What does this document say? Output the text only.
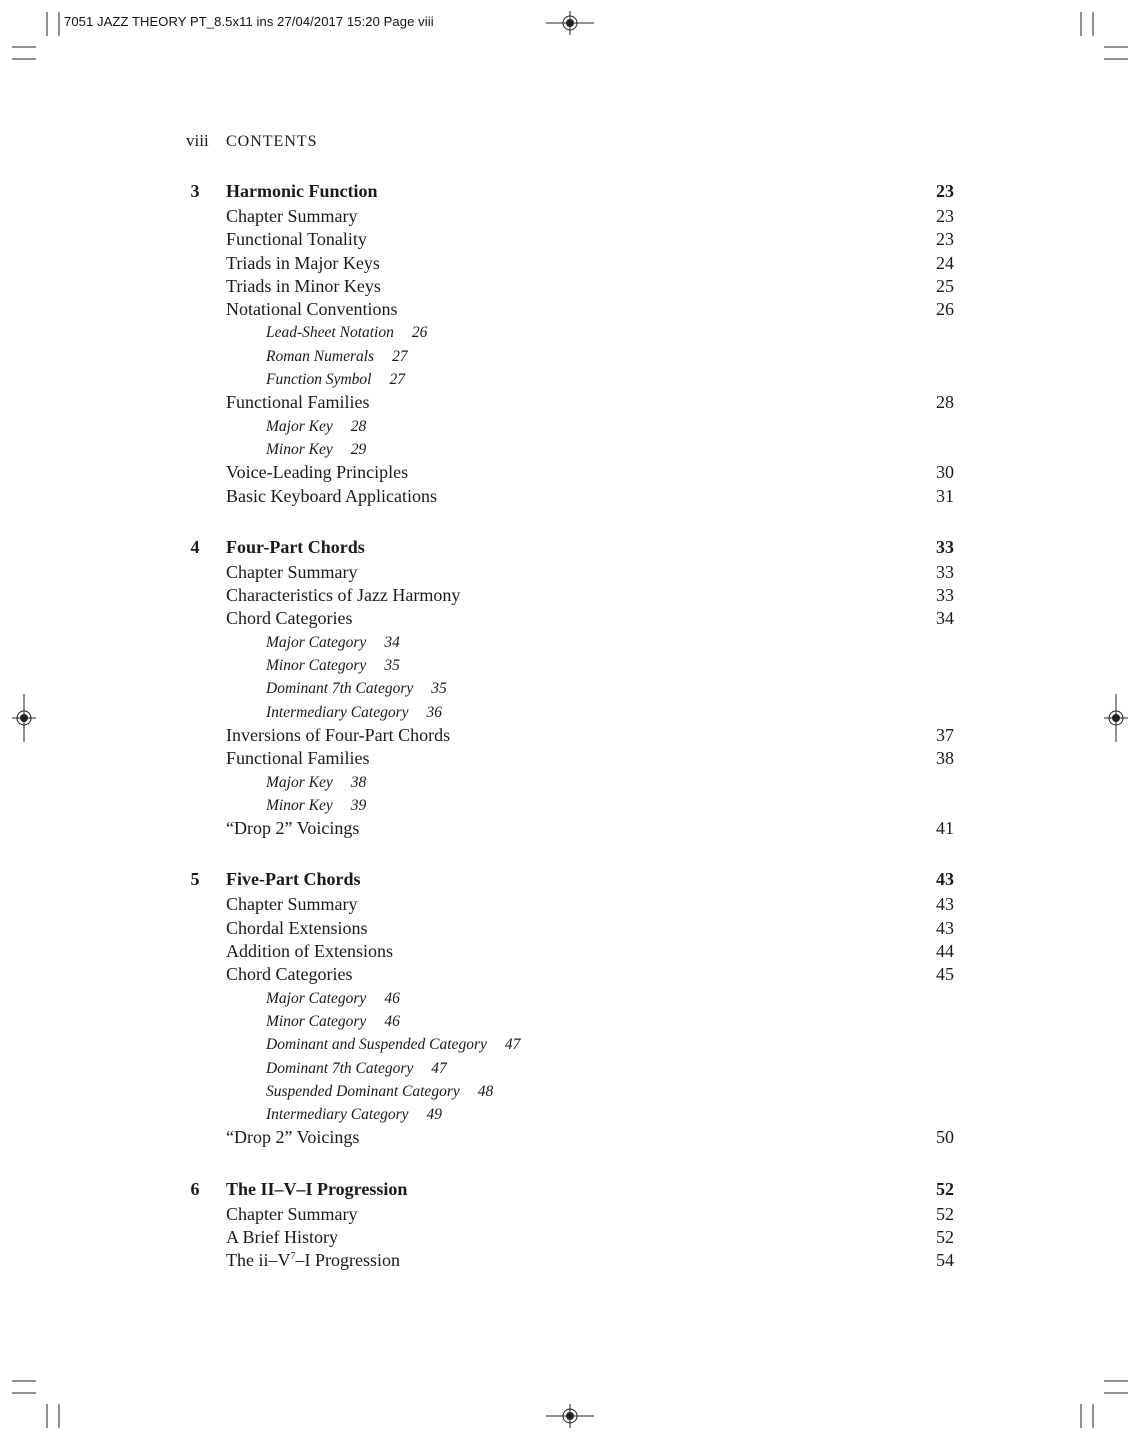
7051 JAZZ THEORY PT_8.5x11 ins 27/04/2017 15:20 Page viii
viii CONTENTS
3 Harmonic Function	23
Chapter Summary	23
Functional Tonality	23
Triads in Major Keys	24
Triads in Minor Keys	25
Notational Conventions	26
Lead-Sheet Notation 26
Roman Numerals 27
Function Symbol 27
Functional Families	28
Major Key 28
Minor Key 29
Voice-Leading Principles	30
Basic Keyboard Applications	31
4 Four-Part Chords	33
Chapter Summary	33
Characteristics of Jazz Harmony	33
Chord Categories	34
Major Category 34
Minor Category 35
Dominant 7th Category 35
Intermediary Category 36
Inversions of Four-Part Chords	37
Functional Families	38
Major Key 38
Minor Key 39
“Drop 2” Voicings	41
5 Five-Part Chords	43
Chapter Summary	43
Chordal Extensions	43
Addition of Extensions	44
Chord Categories	45
Major Category 46
Minor Category 46
Dominant and Suspended Category 47
Dominant 7th Category 47
Suspended Dominant Category 48
Intermediary Category 49
“Drop 2” Voicings	50
6 The II–V–I Progression	52
Chapter Summary	52
A Brief History	52
The $ii-V^7-I$ Progression	54
